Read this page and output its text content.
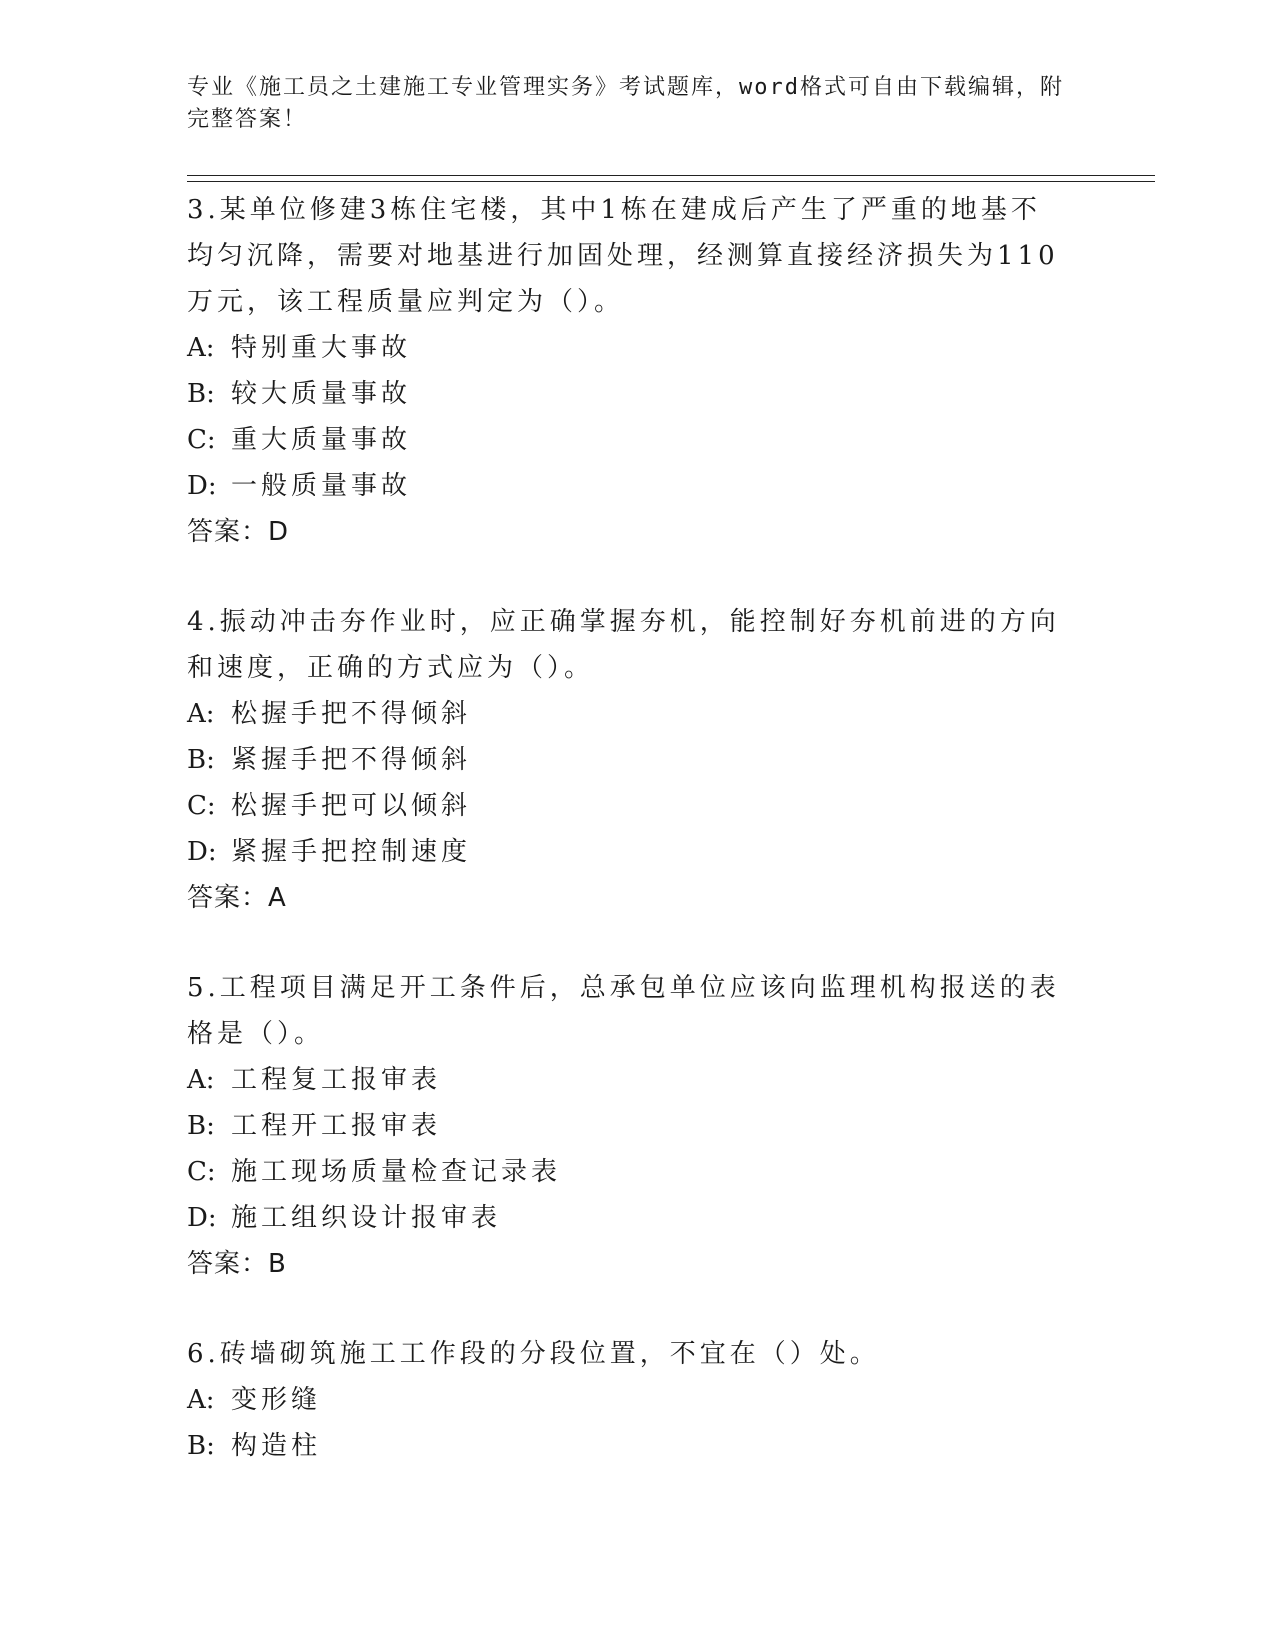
专业《施工员之土建施工专业管理实务》考试题库，word格式可自由下载编辑，附完整答案！

3.某单位修建3栋住宅楼，其中1栋在建成后产生了严重的地基不均匀沉降，需要对地基进行加固处理，经测算直接经济损失为110万元，该工程质量应判定为（）。

A: 特别重大事故
B: 较大质量事故
C: 重大质量事故
D: 一般质量事故
答案：D

4.振动冲击夯作业时，应正确掌握夯机，能控制好夯机前进的方向和速度，正确的方式应为（）。

A: 松握手把不得倾斜
B: 紧握手把不得倾斜
C: 松握手把可以倾斜
D: 紧握手把控制速度
答案：A

5.工程项目满足开工条件后，总承包单位应该向监理机构报送的表格是（）。

A: 工程复工报审表
B: 工程开工报审表
C: 施工现场质量检查记录表
D: 施工组织设计报审表
答案：B

6.砖墙砌筑施工工作段的分段位置，不宜在（）处。

A: 变形缝
B: 构造柱
